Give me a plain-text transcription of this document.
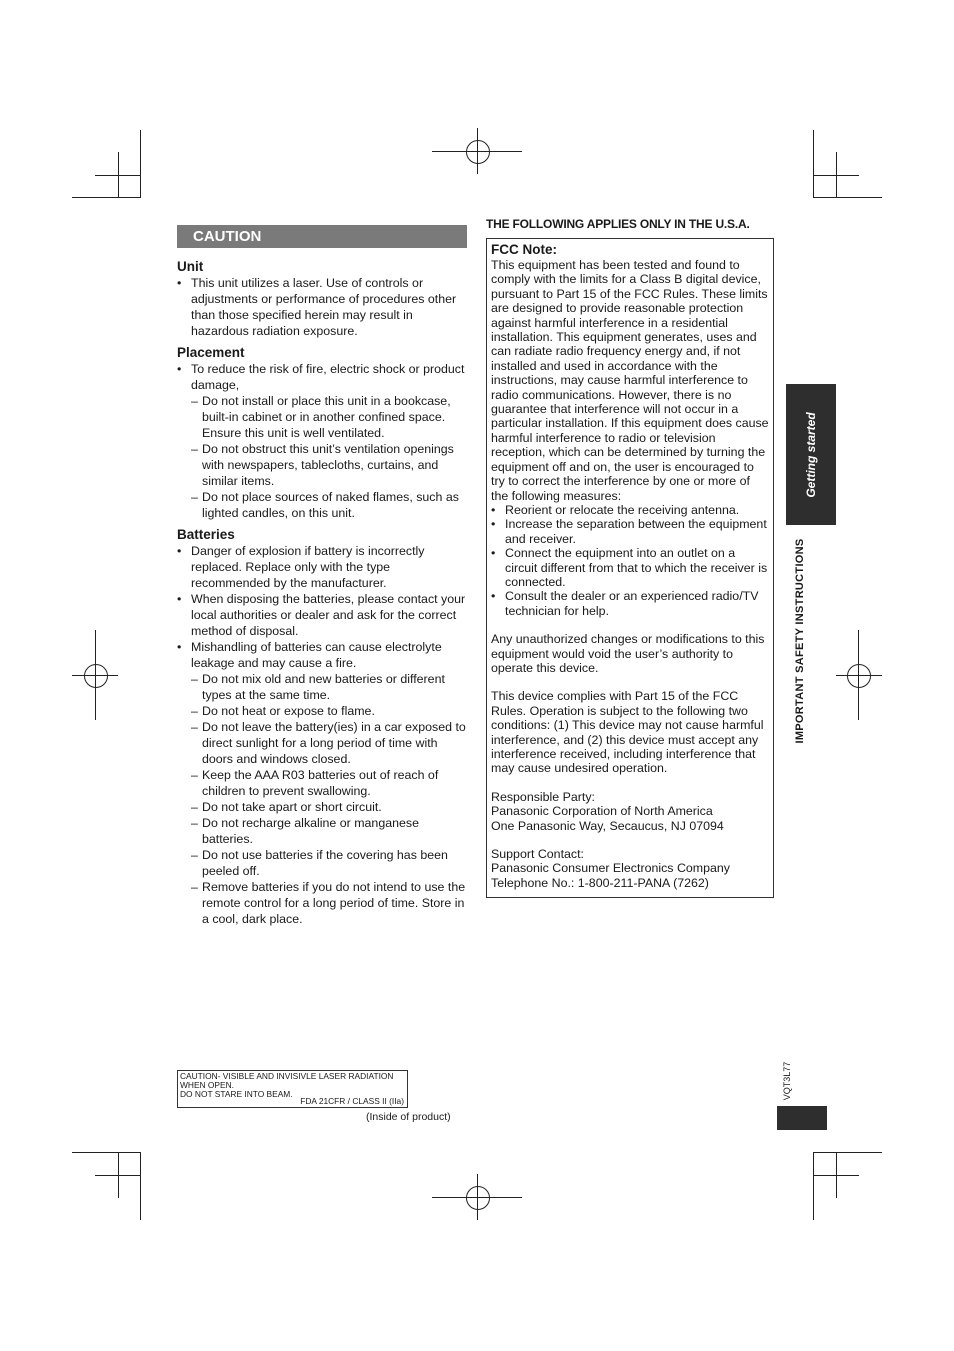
CAUTION
Unit
• This unit utilizes a laser. Use of controls or adjustments or performance of procedures other than those specified herein may result in hazardous radiation exposure.
Placement
• To reduce the risk of fire, electric shock or product damage,
– Do not install or place this unit in a bookcase, built-in cabinet or in another confined space. Ensure this unit is well ventilated.
– Do not obstruct this unit’s ventilation openings with newspapers, tablecloths, curtains, and similar items.
– Do not place sources of naked flames, such as lighted candles, on this unit.
Batteries
• Danger of explosion if battery is incorrectly replaced. Replace only with the type recommended by the manufacturer.
• When disposing the batteries, please contact your local authorities or dealer and ask for the correct method of disposal.
• Mishandling of batteries can cause electrolyte leakage and may cause a fire.
– Do not mix old and new batteries or different types at the same time.
– Do not heat or expose to flame.
– Do not leave the battery(ies) in a car exposed to direct sunlight for a long period of time with doors and windows closed.
– Keep the AAA R03 batteries out of reach of children to prevent swallowing.
– Do not take apart or short circuit.
– Do not recharge alkaline or manganese batteries.
– Do not use batteries if the covering has been peeled off.
– Remove batteries if you do not intend to use the remote control for a long period of time. Store in a cool, dark place.
THE FOLLOWING APPLIES ONLY IN THE U.S.A.
FCC Note:

This equipment has been tested and found to comply with the limits for a Class B digital device, pursuant to Part 15 of the FCC Rules. These limits are designed to provide reasonable protection against harmful interference in a residential installation. This equipment generates, uses and can radiate radio frequency energy and, if not installed and used in accordance with the instructions, may cause harmful interference to radio communications. However, there is no guarantee that interference will not occur in a particular installation. If this equipment does cause harmful interference to radio or television reception, which can be determined by turning the equipment off and on, the user is encouraged to try to correct the interference by one or more of the following measures:

• Reorient or relocate the receiving antenna.
• Increase the separation between the equipment and receiver.
• Connect the equipment into an outlet on a circuit different from that to which the receiver is connected.
• Consult the dealer or an experienced radio/TV technician for help.

Any unauthorized changes or modifications to this equipment would void the user’s authority to operate this device.

This device complies with Part 15 of the FCC Rules. Operation is subject to the following two conditions: (1) This device may not cause harmful interference, and (2) this device must accept any interference received, including interference that may cause undesired operation.

Responsible Party:

Panasonic Corporation of North America

One Panasonic Way, Secaucus, NJ 07094

Support Contact:

Panasonic Consumer Electronics Company

Telephone No.: 1-800-211-PANA (7262)

Getting started
IMPORTANT SAFETY INSTRUCTIONS
VQT3L77
CAUTION- VISIBLE AND INVISIVLE LASER RADIATION
WHEN OPEN.
DO NOT STARE INTO BEAM.
FDA 21CFR / CLASS II (IIa)
(Inside of product)
